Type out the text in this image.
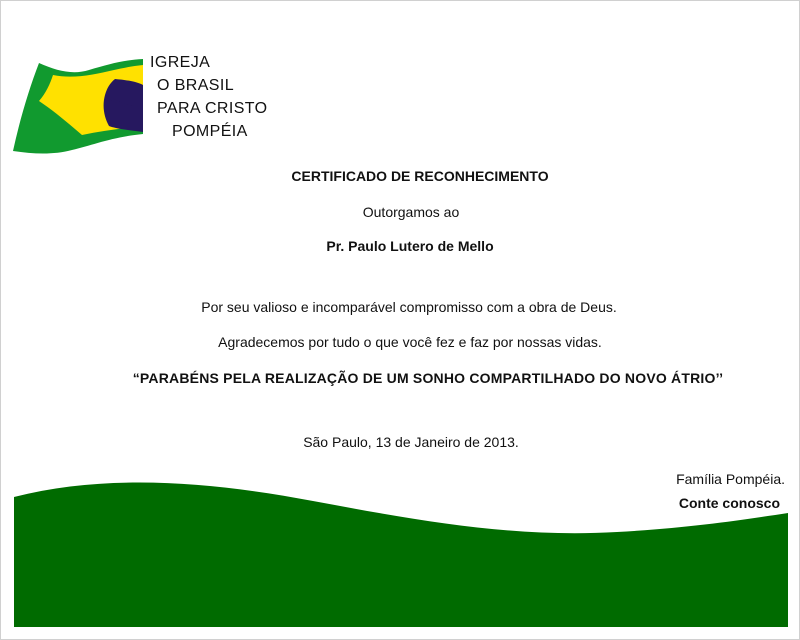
IGREJA
O BRASIL
PARA CRISTO
POMPÉIA
CERTIFICADO DE RECONHECIMENTO
Outorgamos ao
Pr. Paulo Lutero de Mello
Por seu valioso e incomparável compromisso com a obra de Deus.
Agradecemos por tudo o que você fez e faz por nossas vidas.
“PARABÉNS PELA REALIZAÇÃO DE UM SONHO COMPARTILHADO DO NOVO ÁTRIO’’
São Paulo, 13 de Janeiro de 2013.
Família Pompéia.
Conte conosco
